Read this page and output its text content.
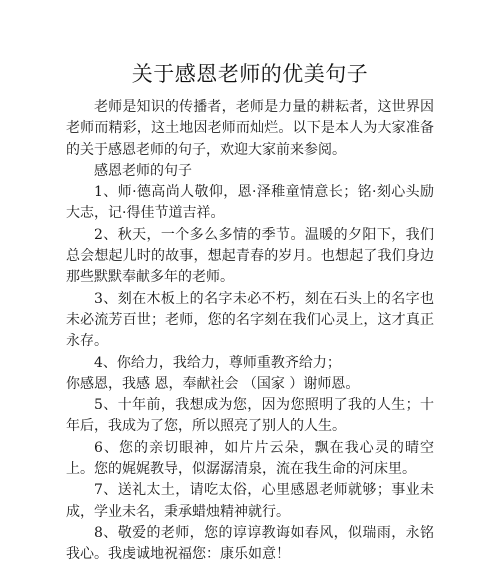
关于感恩老师的优美句子

老师是知识的传播者，老师是力量的耕耘者，这世界因老师而精彩，这土地因老师而灿烂。以下是本人为大家准备的关于感恩老师的句子，欢迎大家前来参阅。

感恩老师的句子

1、师·德高尚人敬仰，恩·泽稚童情意长；铭·刻心头励大志，记·得佳节道吉祥。

2、秋天，一个多么多情的季节。温暖的夕阳下，我们总会想起儿时的故事，想起青春的岁月。也想起了我们身边那些默默奉献多年的老师。

3、刻在木板上的名字未必不朽，刻在石头上的名字也未必流芳百世；老师，您的名字刻在我们心灵上，这才真正永存。

4、你给力，我给力，尊师重教齐给力；

你感恩，我感 恩，奉献社会 （国家 ）谢师恩。

5、十年前，我想成为您，因为您照明了我的人生；十年后，我成为了您，所以照亮了别人的人生。

6、您的亲切眼神，如片片云朵，飘在我心灵的晴空上。您的娓娓教导，似潺潺清泉，流在我生命的河床里。

7、送礼太土，请吃太俗，心里感恩老师就够；事业未成，学业未名，秉承蜡烛精神就行。

8、敬爱的老师，您的谆谆教诲如春风，似瑞雨，永铭我心。我虔诚地祝福您：康乐如意！
